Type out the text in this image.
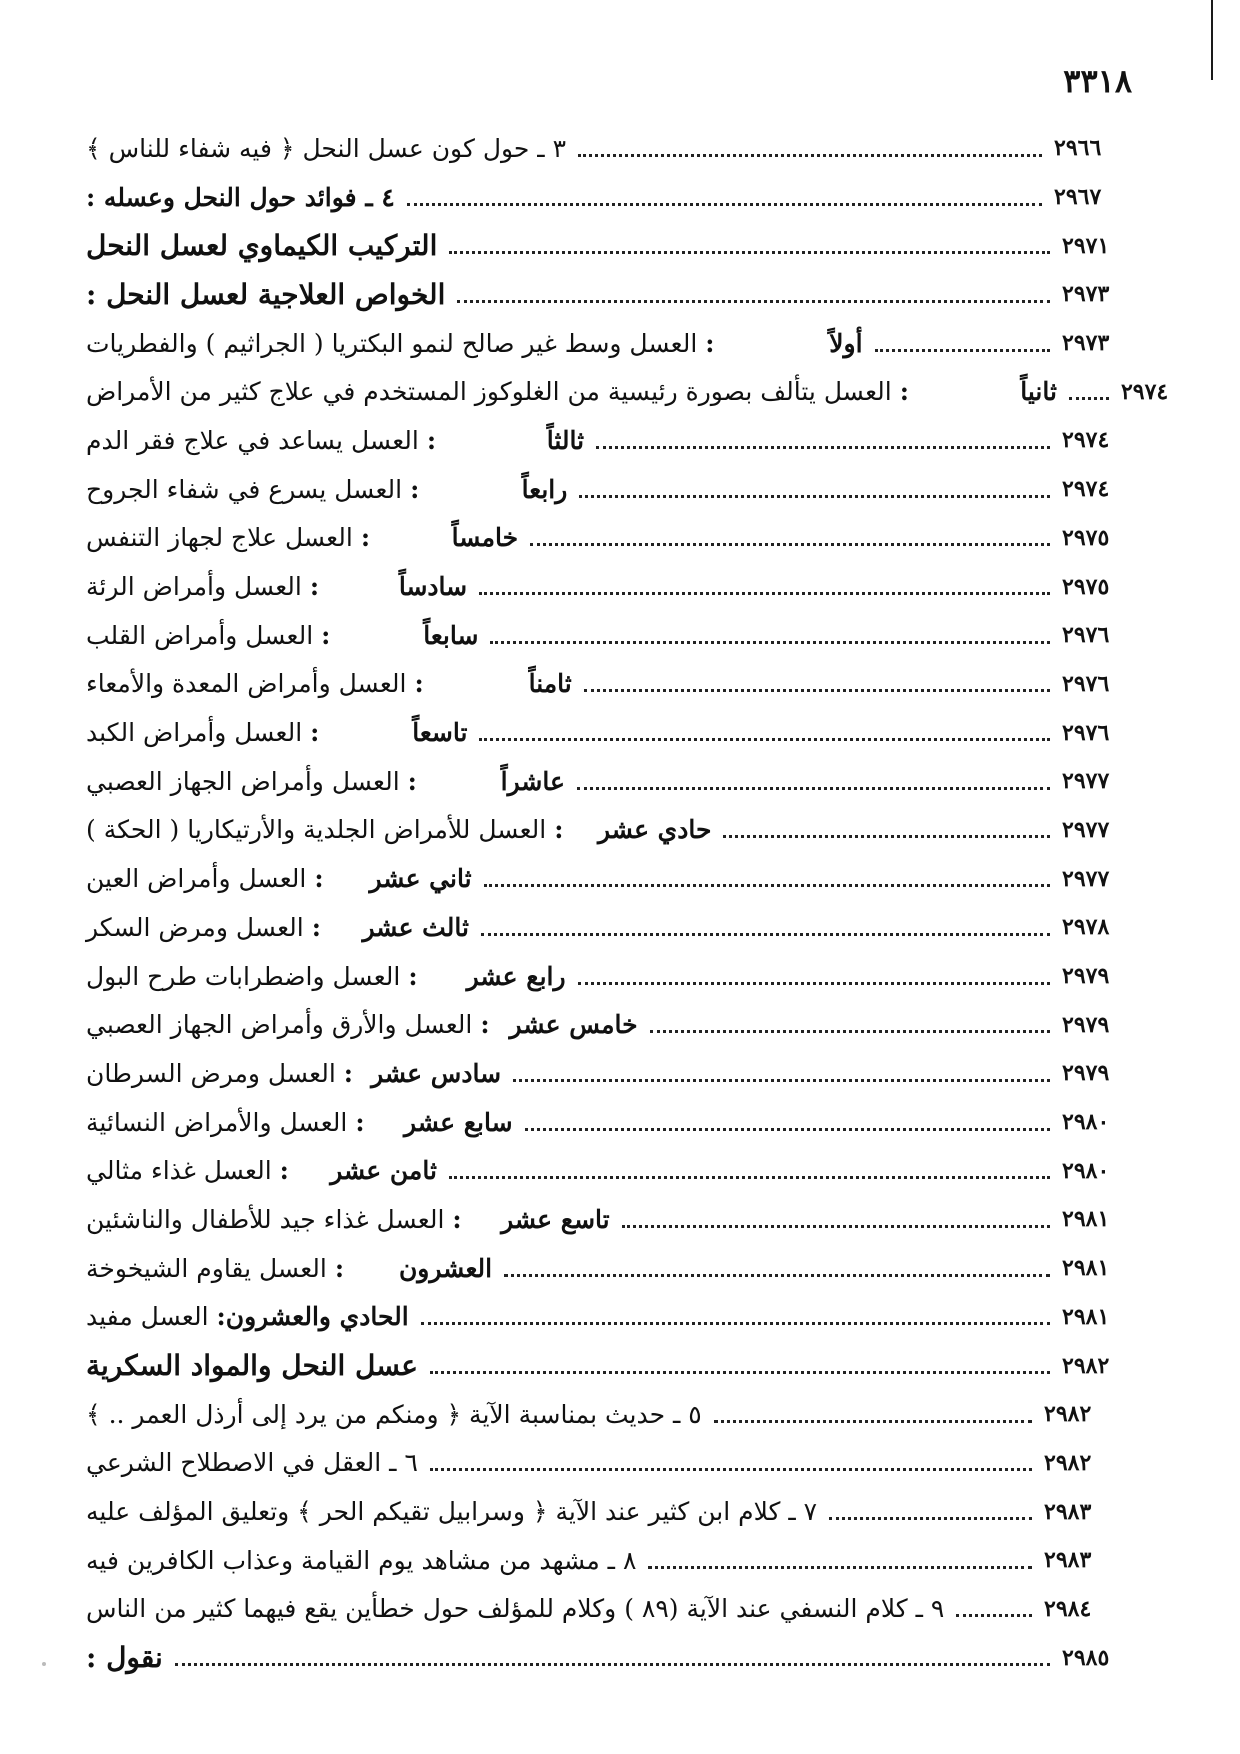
٣٣١٨
٣ ـ حول كون عسل النحل ﴿ فيه شفاء للناس ﴾	٢٩٦٦
٤ ـ فوائد حول النحل وعسله :	٢٩٦٧
التركيب الكيماوي لعسل النحل	٢٩٧١
الخواص العلاجية لعسل النحل :	٢٩٧٣
أولاً:العسل وسط غير صالح لنمو البكتريا ( الجراثيم ) والفطريات	٢٩٧٣
ثانياً:العسل يتألف بصورة رئيسية من الغلوكوز المستخدم في علاج كثير من الأمراض	٢٩٧٤
ثالثاً:العسل يساعد في علاج فقر الدم	٢٩٧٤
رابعاً:العسل يسرع في شفاء الجروح	٢٩٧٤
خامساً:العسل علاج لجهاز التنفس	٢٩٧٥
سادساً:العسل وأمراض الرئة	٢٩٧٥
سابعاً:العسل وأمراض القلب	٢٩٧٦
ثامناً:العسل وأمراض المعدة والأمعاء	٢٩٧٦
تاسعاً:العسل وأمراض الكبد	٢٩٧٦
عاشراً:العسل وأمراض الجهاز العصبي	٢٩٧٧
حادي عشر:العسل للأمراض الجلدية والأرتيكاريا ( الحكة )	٢٩٧٧
ثاني عشر:العسل وأمراض العين	٢٩٧٧
ثالث عشر:العسل ومرض السكر	٢٩٧٨
رابع عشر:العسل واضطرابات طرح البول	٢٩٧٩
خامس عشر:العسل والأرق وأمراض الجهاز العصبي	٢٩٧٩
سادس عشر:العسل ومرض السرطان	٢٩٧٩
سابع عشر:العسل والأمراض النسائية	٢٩٨٠
ثامن عشر:العسل غذاء مثالي	٢٩٨٠
تاسع عشر:العسل غذاء جيد للأطفال والناشئين	٢٩٨١
العشرون:العسل يقاوم الشيخوخة	٢٩٨١
الحادي والعشرون:العسل مفيد	٢٩٨١
عسل النحل والمواد السكرية	٢٩٨٢
٥ ـ حديث بمناسبة الآية ﴿ ومنكم من يرد إلى أرذل العمر .. ﴾	٢٩٨٢
٦ ـ العقل في الاصطلاح الشرعي	٢٩٨٢
٧ ـ كلام ابن كثير عند الآية ﴿ وسرابيل تقيكم الحر ﴾ وتعليق المؤلف عليه	٢٩٨٣
٨ ـ مشهد من مشاهد يوم القيامة وعذاب الكافرين فيه	٢٩٨٣
٩ ـ كلام النسفي عند الآية (٨٩ ) وكلام للمؤلف حول خطأين يقع فيهما كثير من الناس	٢٩٨٤
نقول :	٢٩٨٥
